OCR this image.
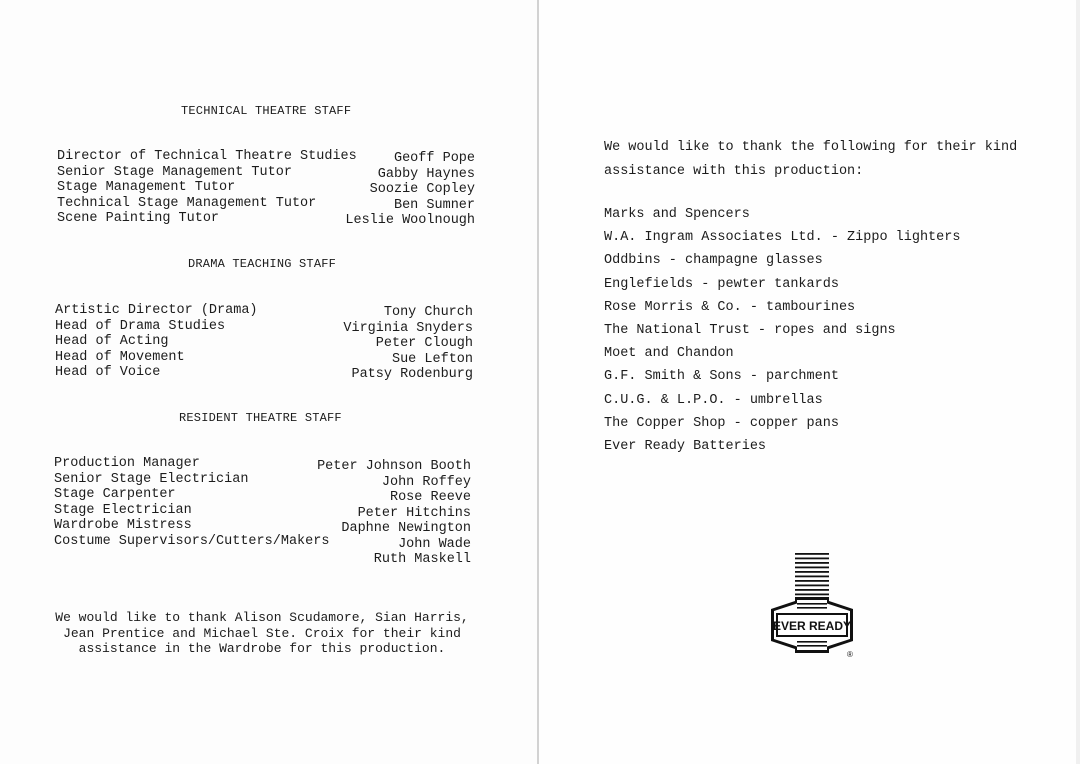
TECHNICAL THEATRE STAFF
Director of Technical Theatre Studies
Senior Stage Management Tutor
Stage Management Tutor
Technical Stage Management Tutor
Scene Painting Tutor
Geoff Pope
Gabby Haynes
Soozie Copley
Ben Sumner
Leslie Woolnough
DRAMA TEACHING STAFF
Artistic Director (Drama)
Head of Drama Studies
Head of Acting
Head of Movement
Head of Voice
Tony Church
Virginia Snyders
Peter Clough
Sue Lefton
Patsy Rodenburg
RESIDENT THEATRE STAFF
Production Manager
Senior Stage Electrician
Stage Carpenter
Stage Electrician
Wardrobe Mistress
Costume Supervisors/Cutters/Makers
Peter Johnson Booth
John Roffey
Rose Reeve
Peter Hitchins
Daphne Newington
John Wade
Ruth Maskell
We would like to thank Alison Scudamore, Sian Harris,
Jean Prentice and Michael Ste. Croix for their kind
assistance in the Wardrobe for this production.
We would like to thank the following for their kind
assistance with this production:
Marks and Spencers
W.A. Ingram Associates Ltd. - Zippo lighters
Oddbins - champagne glasses
Englefields - pewter tankards
Rose Morris & Co. - tambourines
The National Trust - ropes and signs
Moet and Chandon
G.F. Smith & Sons - parchment
C.U.G. & L.P.O. - umbrellas
The Copper Shop - copper pans
Ever Ready Batteries
EVER READY
®
